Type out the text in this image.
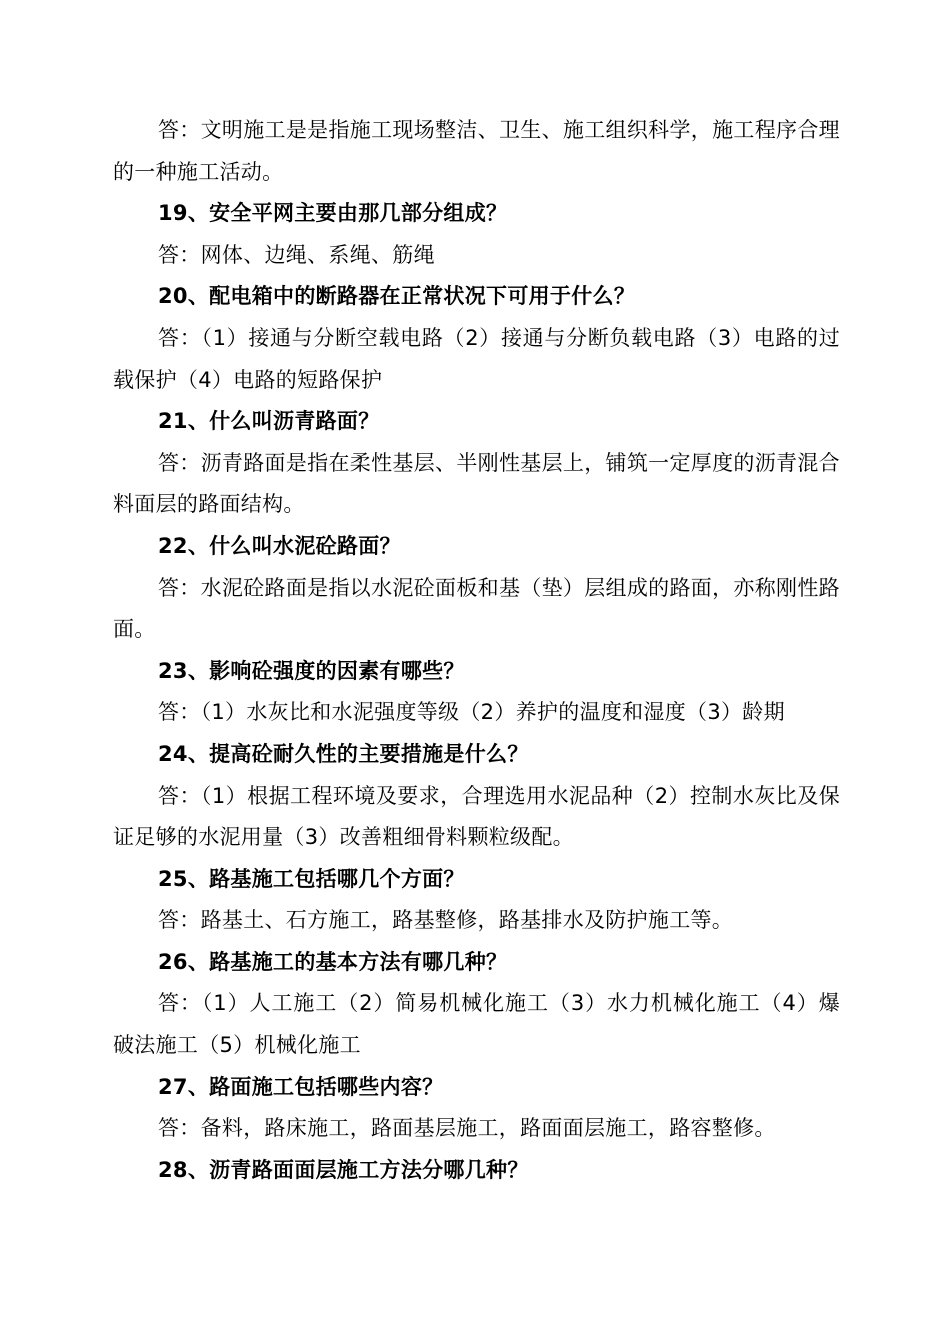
答：文明施工是是指施工现场整洁、卫生、施工组织科学，施工程序合理的一种施工活动。

19、安全平网主要由那几部分组成？

答：网体、边绳、系绳、筋绳

20、配电箱中的断路器在正常状况下可用于什么？

答：（1）接通与分断空载电路（2）接通与分断负载电路（3）电路的过载保护（4）电路的短路保护

21、什么叫沥青路面？

答：沥青路面是指在柔性基层、半刚性基层上，铺筑一定厚度的沥青混合料面层的路面结构。

22、什么叫水泥砼路面？

答：水泥砼路面是指以水泥砼面板和基（垫）层组成的路面，亦称刚性路面。

23、影响砼强度的因素有哪些？

答：（1）水灰比和水泥强度等级（2）养护的温度和湿度（3）龄期

24、提高砼耐久性的主要措施是什么？

答：（1）根据工程环境及要求，合理选用水泥品种（2）控制水灰比及保证足够的水泥用量（3）改善粗细骨料颗粒级配。

25、路基施工包括哪几个方面？

答：路基土、石方施工，路基整修，路基排水及防护施工等。

26、路基施工的基本方法有哪几种？

答：（1）人工施工（2）简易机械化施工（3）水力机械化施工（4）爆破法施工（5）机械化施工

27、路面施工包括哪些内容？

答：备料，路床施工，路面基层施工，路面面层施工，路容整修。

28、沥青路面面层施工方法分哪几种？
